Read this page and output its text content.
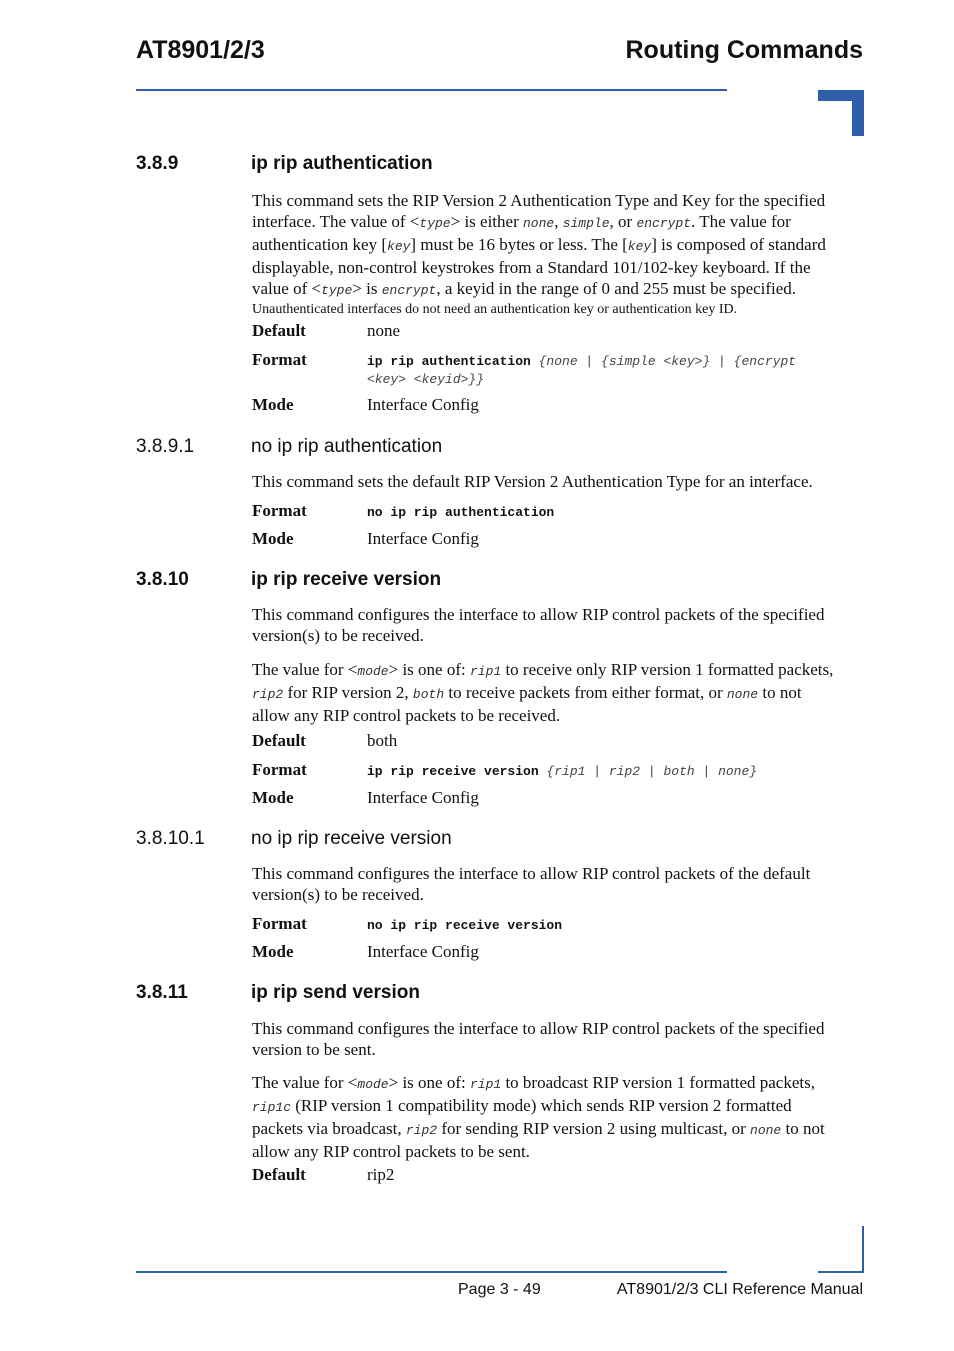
AT8901/2/3	Routing Commands
3.8.9	ip rip authentication
This command sets the RIP Version 2 Authentication Type and Key for the specified
interface. The value of <type> is either none, simple, or encrypt. The value for
authentication key [key] must be 16 bytes or less. The [key] is composed of standard
displayable, non-control keystrokes from a Standard 101/102-key keyboard. If the
value of <type> is encrypt, a keyid in the range of 0 and 255 must be specified.
Unauthenticated interfaces do not need an authentication key or authentication key ID.
Default	none
Format	ip rip authentication {none | {simple <key>} | {encrypt
<key> <keyid>}}
Mode	Interface Config
3.8.9.1	no ip rip authentication
This command sets the default RIP Version 2 Authentication Type for an interface.
Format	no ip rip authentication
Mode	Interface Config
3.8.10	ip rip receive version
This command configures the interface to allow RIP control packets of the specified
version(s) to be received.
The value for <mode> is one of: rip1 to receive only RIP version 1 formatted packets,
rip2 for RIP version 2, both to receive packets from either format, or none to not
allow any RIP control packets to be received.
Default	both
Format	ip rip receive version {rip1 | rip2 | both | none}
Mode	Interface Config
3.8.10.1 no ip rip receive version
This command configures the interface to allow RIP control packets of the default
version(s) to be received.
Format	no ip rip receive version
Mode	Interface Config
3.8.11	ip rip send version
This command configures the interface to allow RIP control packets of the specified
version to be sent.
The value for <mode> is one of: rip1 to broadcast RIP version 1 formatted packets,
rip1c (RIP version 1 compatibility mode) which sends RIP version 2 formatted
packets via broadcast, rip2 for sending RIP version 2 using multicast, or none to not
allow any RIP control packets to be sent.
Default	rip2
Page 3 - 49	AT8901/2/3 CLI Reference Manual
